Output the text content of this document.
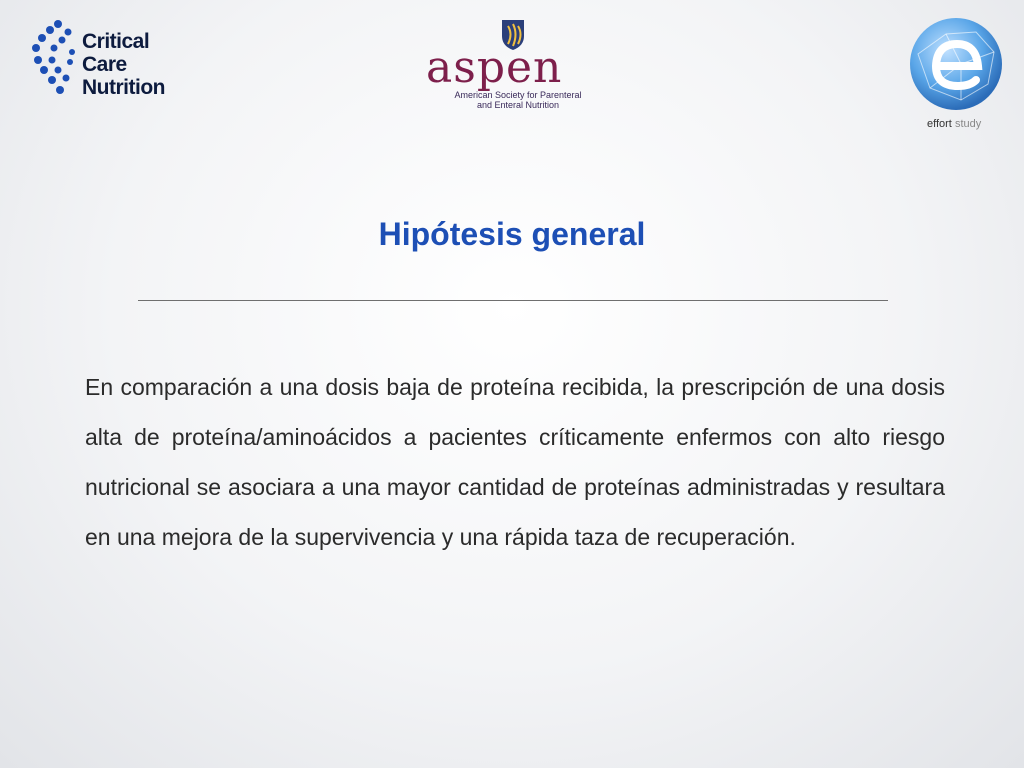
Critical Care
Nutrition	aspen
American Society for Parenteral
and Enteral Nutrition
effort study
Hipótesis general

En comparación a una dosis baja de proteína recibida, la prescripción de una dosis alta de proteína/aminoácidos a pacientes críticamente enfermos con alto riesgo nutricional se asociara a una mayor cantidad de proteínas administradas y resultara en una mejora de la supervivencia y una rápida taza de recuperación.
